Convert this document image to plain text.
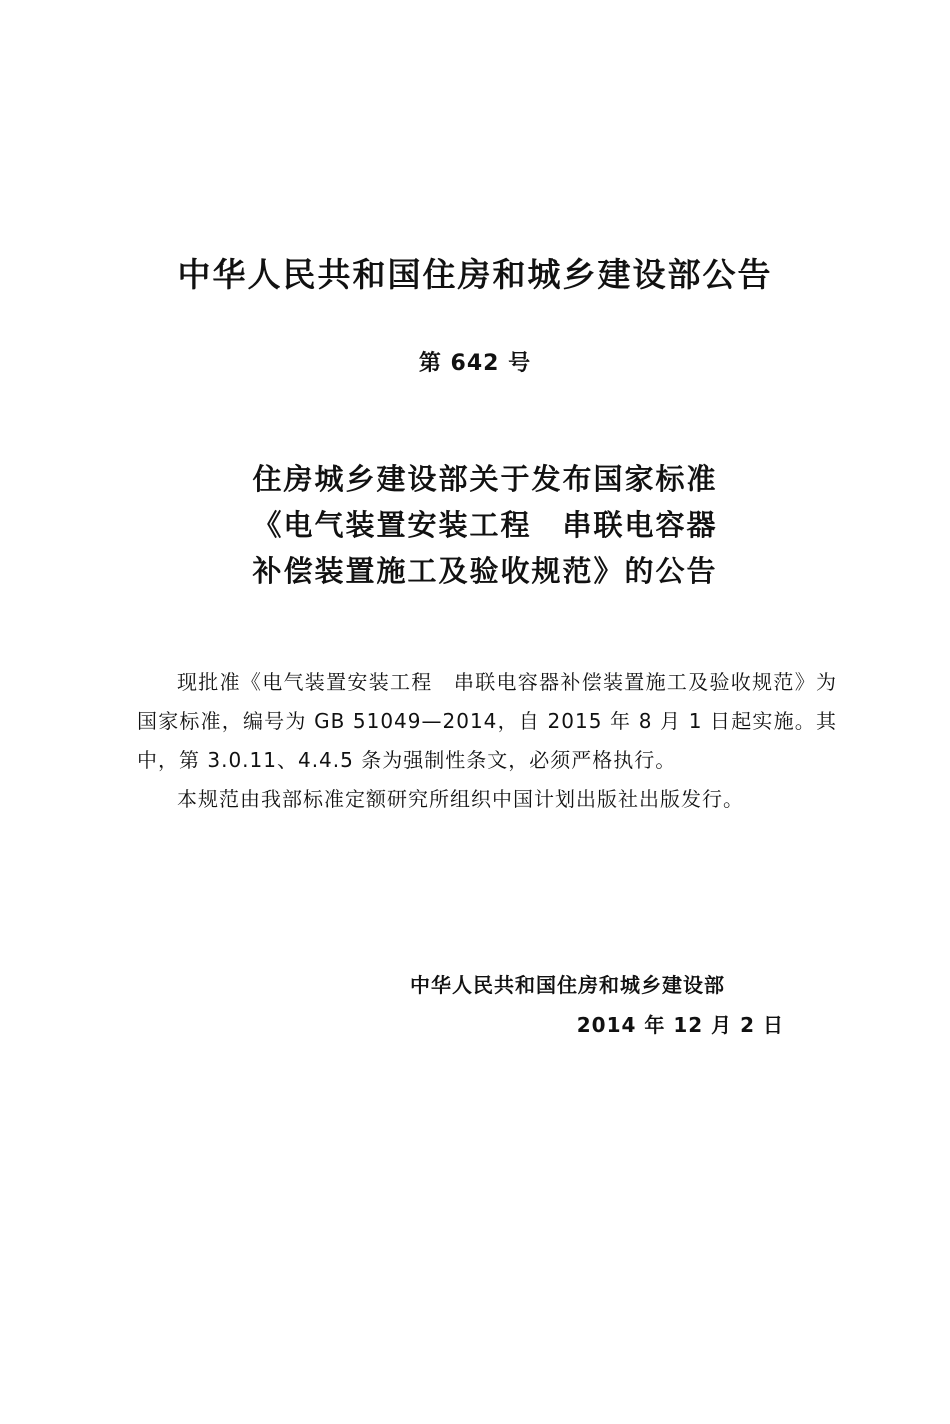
中华人民共和国住房和城乡建设部公告
第 642 号
住房城乡建设部关于发布国家标准
《电气装置安装工程　串联电容器
补偿装置施工及验收规范》的公告

现批准《电气装置安装工程　串联电容器补偿装置施工及验收规范》为国家标准，编号为 GB 51049—2014，自 2015 年 8 月 1 日起实施。其中，第 3.0.11、4.4.5 条为强制性条文，必须严格执行。

本规范由我部标准定额研究所组织中国计划出版社出版发行。

中华人民共和国住房和城乡建设部
2014 年 12 月 2 日
